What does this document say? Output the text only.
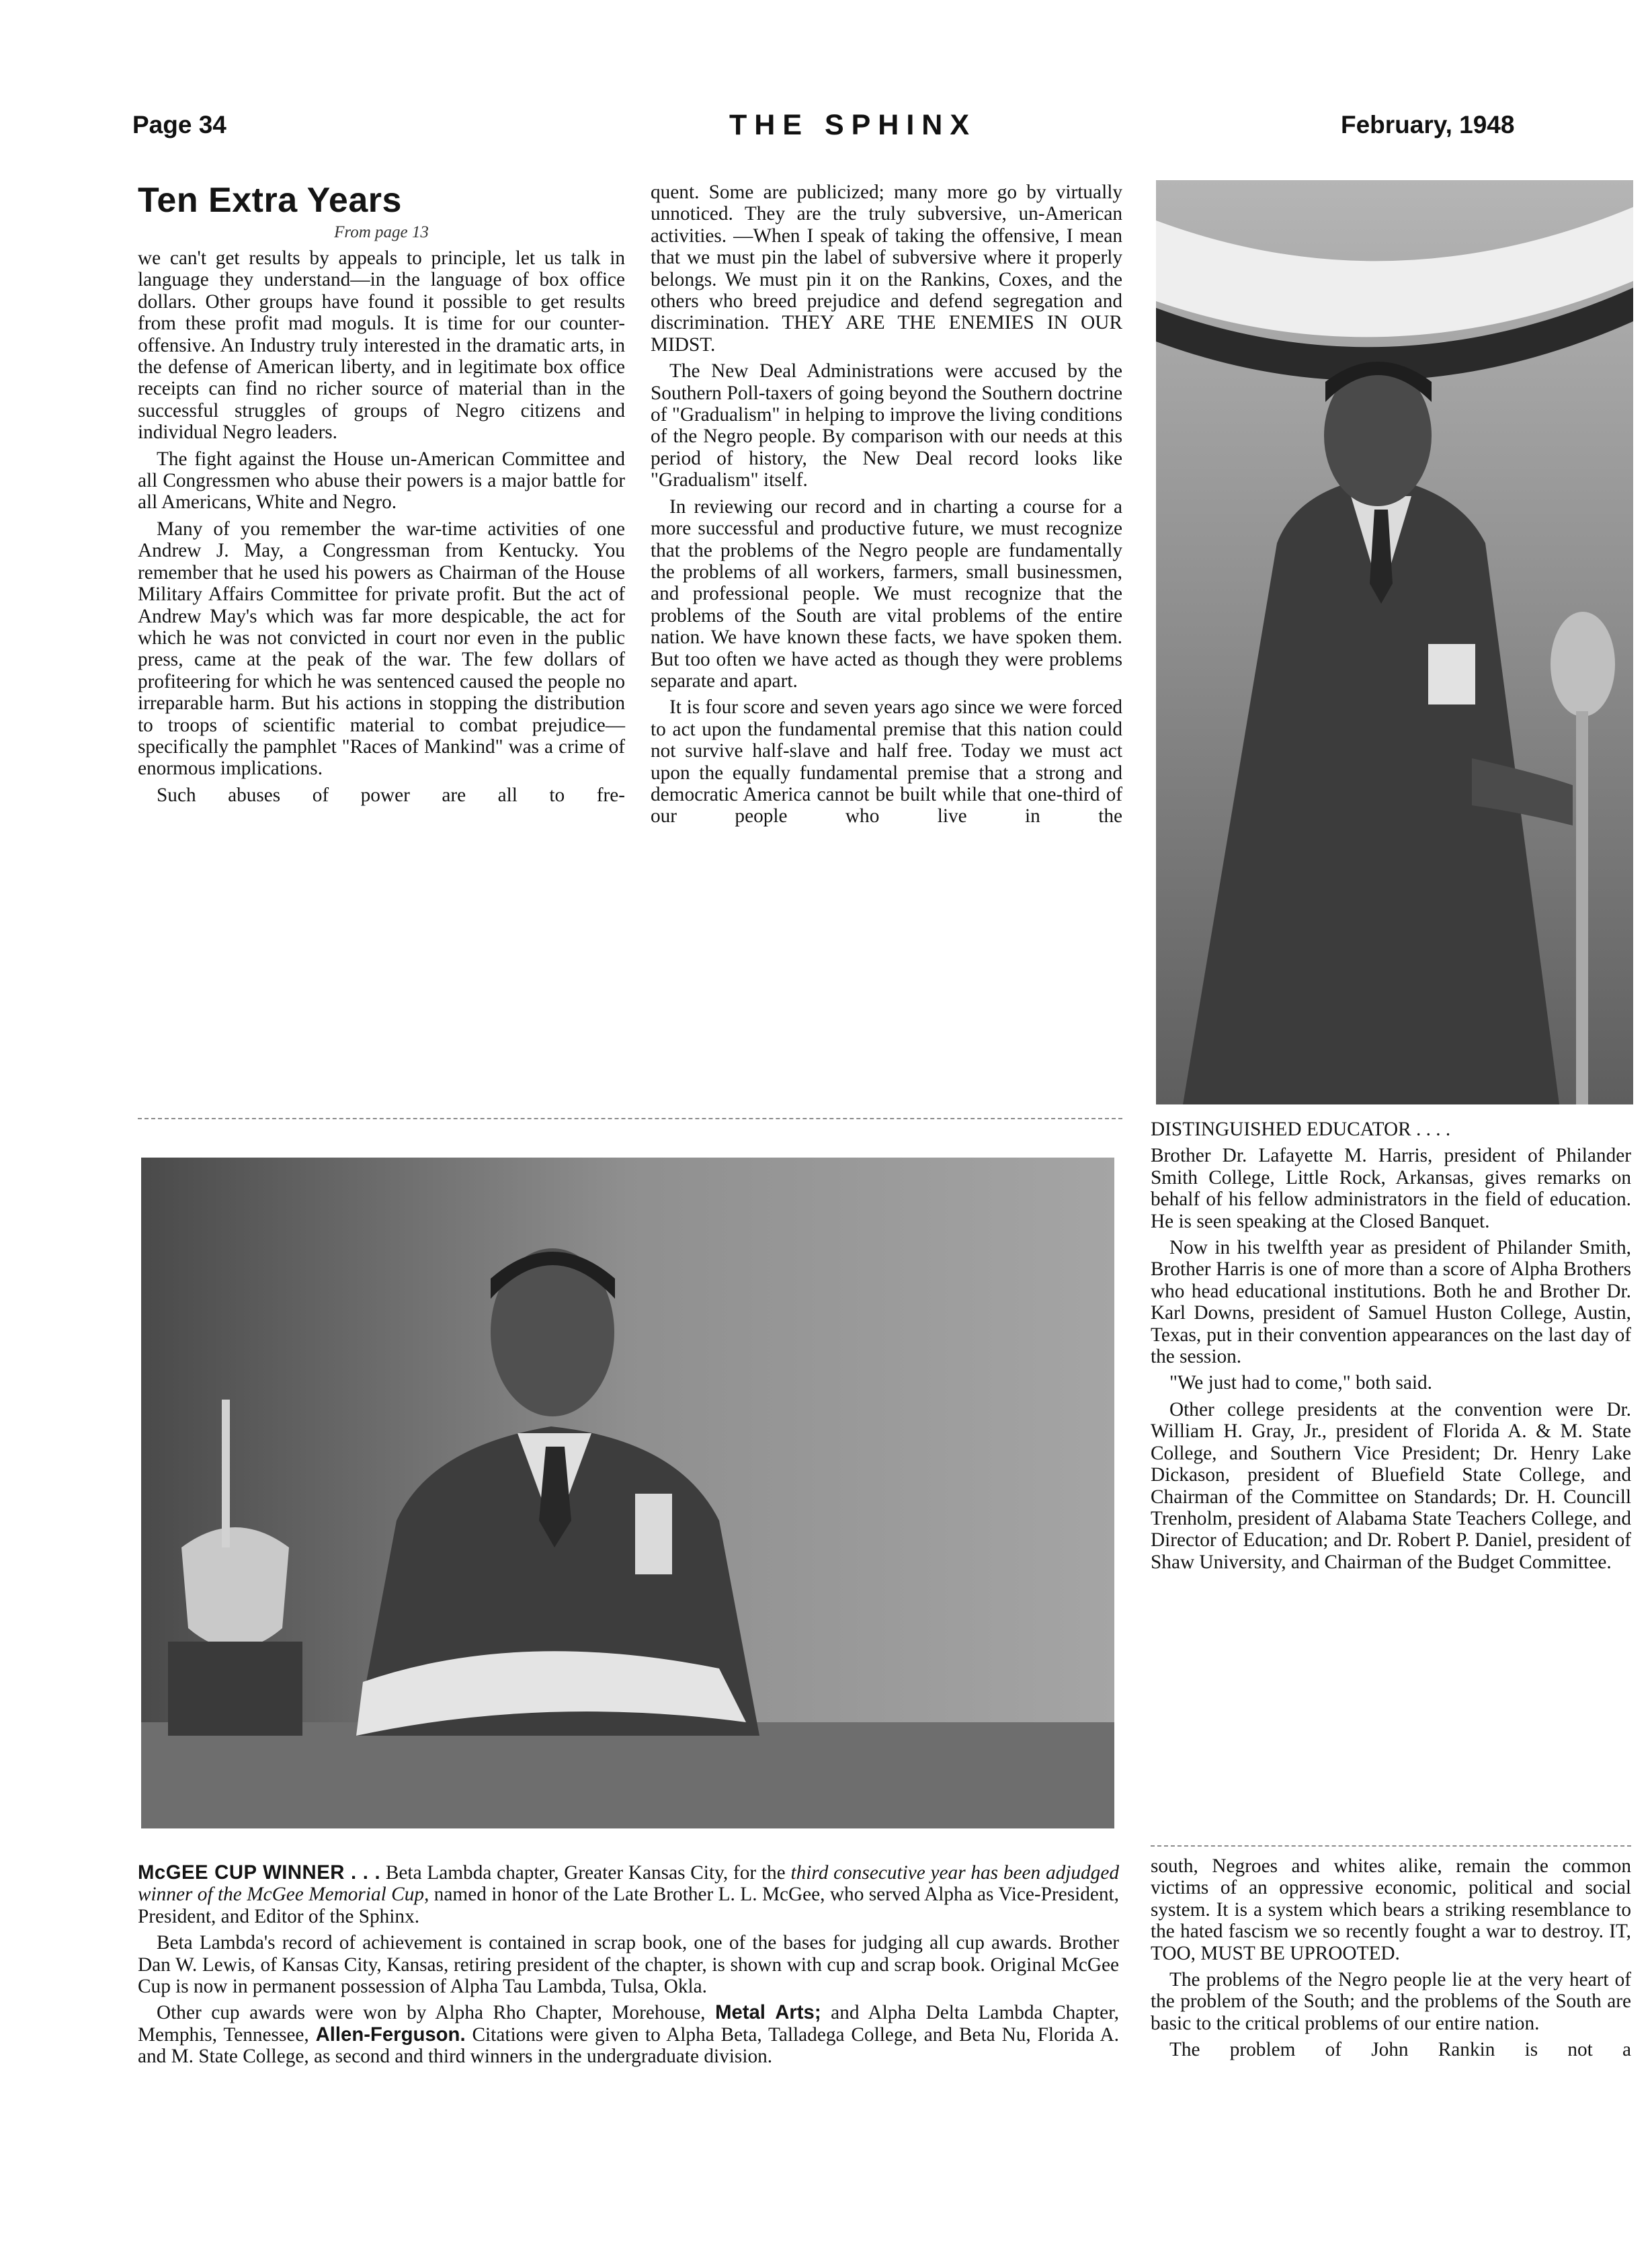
Page 34	THE SPHINX	February, 1948
Ten Extra Years
From page 13

we can't get results by appeals to principle, let us talk in language they understand—in the language of box office dollars. Other groups have found it possible to get results from these profit mad moguls. It is time for our counter-offensive. An Industry truly interested in the dramatic arts, in the defense of American liberty, and in legitimate box office receipts can find no richer source of material than in the successful struggles of groups of Negro citizens and individual Negro leaders.

The fight against the House un-American Committee and all Congressmen who abuse their powers is a major battle for all Americans, White and Negro.

Many of you remember the war-time activities of one Andrew J. May, a Congressman from Kentucky. You remember that he used his powers as Chairman of the House Military Affairs Committee for private profit. But the act of Andrew May's which was far more despicable, the act for which he was not convicted in court nor even in the public press, came at the peak of the war. The few dollars of profiteering for which he was sentenced caused the people no irreparable harm. But his actions in stopping the distribution to troops of scientific material to combat prejudice—specifically the pamphlet "Races of Mankind" was a crime of enormous implications.

Such abuses of power are all to fre-

quent. Some are publicized; many more go by virtually unnoticed. They are the truly subversive, un-American activities. —When I speak of taking the offensive, I mean that we must pin the label of subversive where it properly belongs. We must pin it on the Rankins, Coxes, and the others who breed prejudice and defend segregation and discrimination. THEY ARE THE ENEMIES IN OUR MIDST.

The New Deal Administrations were accused by the Southern Poll-taxers of going beyond the Southern doctrine of "Gradualism" in helping to improve the living conditions of the Negro people. By comparison with our needs at this period of history, the New Deal record looks like "Gradualism" itself.

In reviewing our record and in charting a course for a more successful and productive future, we must recognize that the problems of the Negro people are fundamentally the problems of all workers, farmers, small businessmen, and professional people. We must recognize that the problems of the South are vital problems of the entire nation. We have known these facts, we have spoken them. But too often we have acted as though they were problems separate and apart.

It is four score and seven years ago since we were forced to act upon the fundamental premise that this nation could not survive half-slave and half free. Today we must act upon the equally fundamental premise that a strong and democratic America cannot be built while that one-third of our people who live in the

DISTINGUISHED EDUCATOR . . . .

Brother Dr. Lafayette M. Harris, president of Philander Smith College, Little Rock, Arkansas, gives remarks on behalf of his fellow administrators in the field of education. He is seen speaking at the Closed Banquet.

Now in his twelfth year as president of Philander Smith, Brother Harris is one of more than a score of Alpha Brothers who head educational institutions. Both he and Brother Dr. Karl Downs, president of Samuel Huston College, Austin, Texas, put in their convention appearances on the last day of the session.

"We just had to come," both said.

Other college presidents at the convention were Dr. William H. Gray, Jr., president of Florida A. & M. State College, and Southern Vice President; Dr. Henry Lake Dickason, president of Bluefield State College, and Chairman of the Committee on Standards; Dr. H. Councill Trenholm, president of Alabama State Teachers College, and Director of Education; and Dr. Robert P. Daniel, president of Shaw University, and Chairman of the Budget Committee.

McGEE CUP WINNER . . . Beta Lambda chapter, Greater Kansas City, for the third consecutive year has been adjudged winner of the McGee Memorial Cup, named in honor of the Late Brother L. L. McGee, who served Alpha as Vice-President, President, and Editor of the Sphinx.

Beta Lambda's record of achievement is contained in scrap book, one of the bases for judging all cup awards. Brother Dan W. Lewis, of Kansas City, Kansas, retiring president of the chapter, is shown with cup and scrap book. Original McGee Cup is now in permanent possession of Alpha Tau Lambda, Tulsa, Okla.

Other cup awards were won by Alpha Rho Chapter, Morehouse, Metal Arts; and Alpha Delta Lambda Chapter, Memphis, Tennessee, Allen-Ferguson. Citations were given to Alpha Beta, Talladega College, and Beta Nu, Florida A. and M. State College, as second and third winners in the undergraduate division.

south, Negroes and whites alike, remain the common victims of an oppressive economic, political and social system. It is a system which bears a striking resemblance to the hated fascism we so recently fought a war to destroy. IT, TOO, MUST BE UPROOTED.

The problems of the Negro people lie at the very heart of the problem of the South; and the problems of the South are basic to the critical problems of our entire nation.

The problem of John Rankin is not a
